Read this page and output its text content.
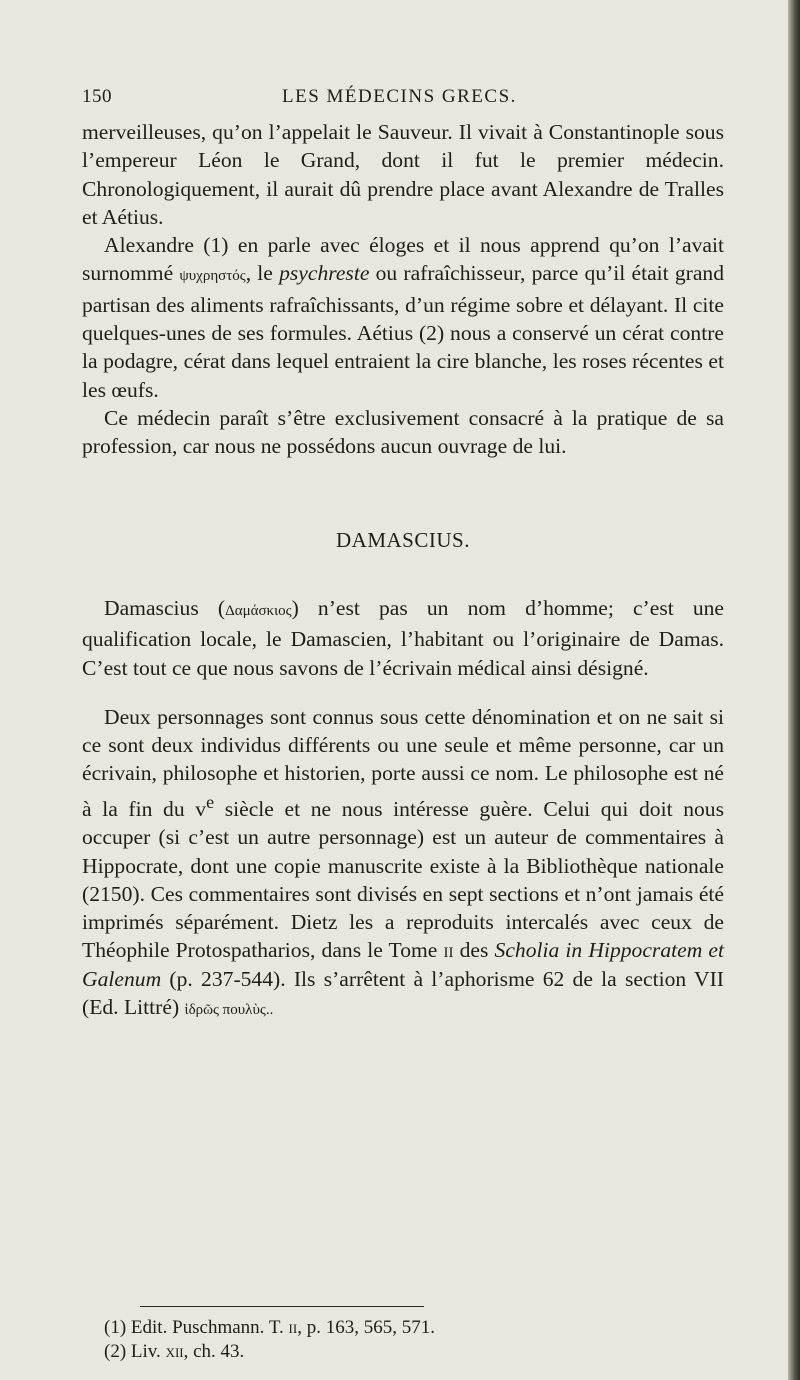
150	LES MÉDECINS GRECS.

merveilleuses, qu’on l’appelait le Sauveur. Il vivait à Constantinople sous l’empereur Léon le Grand, dont il fut le premier médecin. Chronologiquement, il aurait dû prendre place avant Alexandre de Tralles et Aétius.

Alexandre (1) en parle avec éloges et il nous apprend qu’on l’avait surnommé ψυχρηστός, le psychreste ou rafraîchisseur, parce qu’il était grand partisan des aliments rafraîchissants, d’un régime sobre et délayant. Il cite quelques-unes de ses formules. Aétius (2) nous a conservé un cérat contre la podagre, cérat dans lequel entraient la cire blanche, les roses récentes et les œufs.

Ce médecin paraît s’être exclusivement consacré à la pratique de sa profession, car nous ne possédons aucun ouvrage de lui.

DAMASCIUS.

Damascius (Δαμάσκιος) n’est pas un nom d’homme; c’est une qualification locale, le Damascien, l’habitant ou l’originaire de Damas. C’est tout ce que nous savons de l’écrivain médical ainsi désigné.

Deux personnages sont connus sous cette dénomination et on ne sait si ce sont deux individus différents ou une seule et même personne, car un écrivain, philosophe et historien, porte aussi ce nom. Le philosophe est né à la fin du $v^e$ siècle et ne nous intéresse guère. Celui qui doit nous occuper (si c’est un autre personnage) est un auteur de commentaires à Hippocrate, dont une copie manuscrite existe à la Bibliothèque nationale (2150). Ces commentaires sont divisés en sept sections et n’ont jamais été imprimés séparément. Dietz les a reproduits intercalés avec ceux de Théophile Protospatharios, dans le Tome ii des Scholia in Hippocratem et Galenum (p. 237-544). Ils s’arrêtent à l’aphorisme 62 de la section VII (Ed. Littré) ἱδρῶς πουλὺς..

(1) Edit. Puschmann. T. ii, p. 163, 565, 571.
(2) Liv. xii, ch. 43.
